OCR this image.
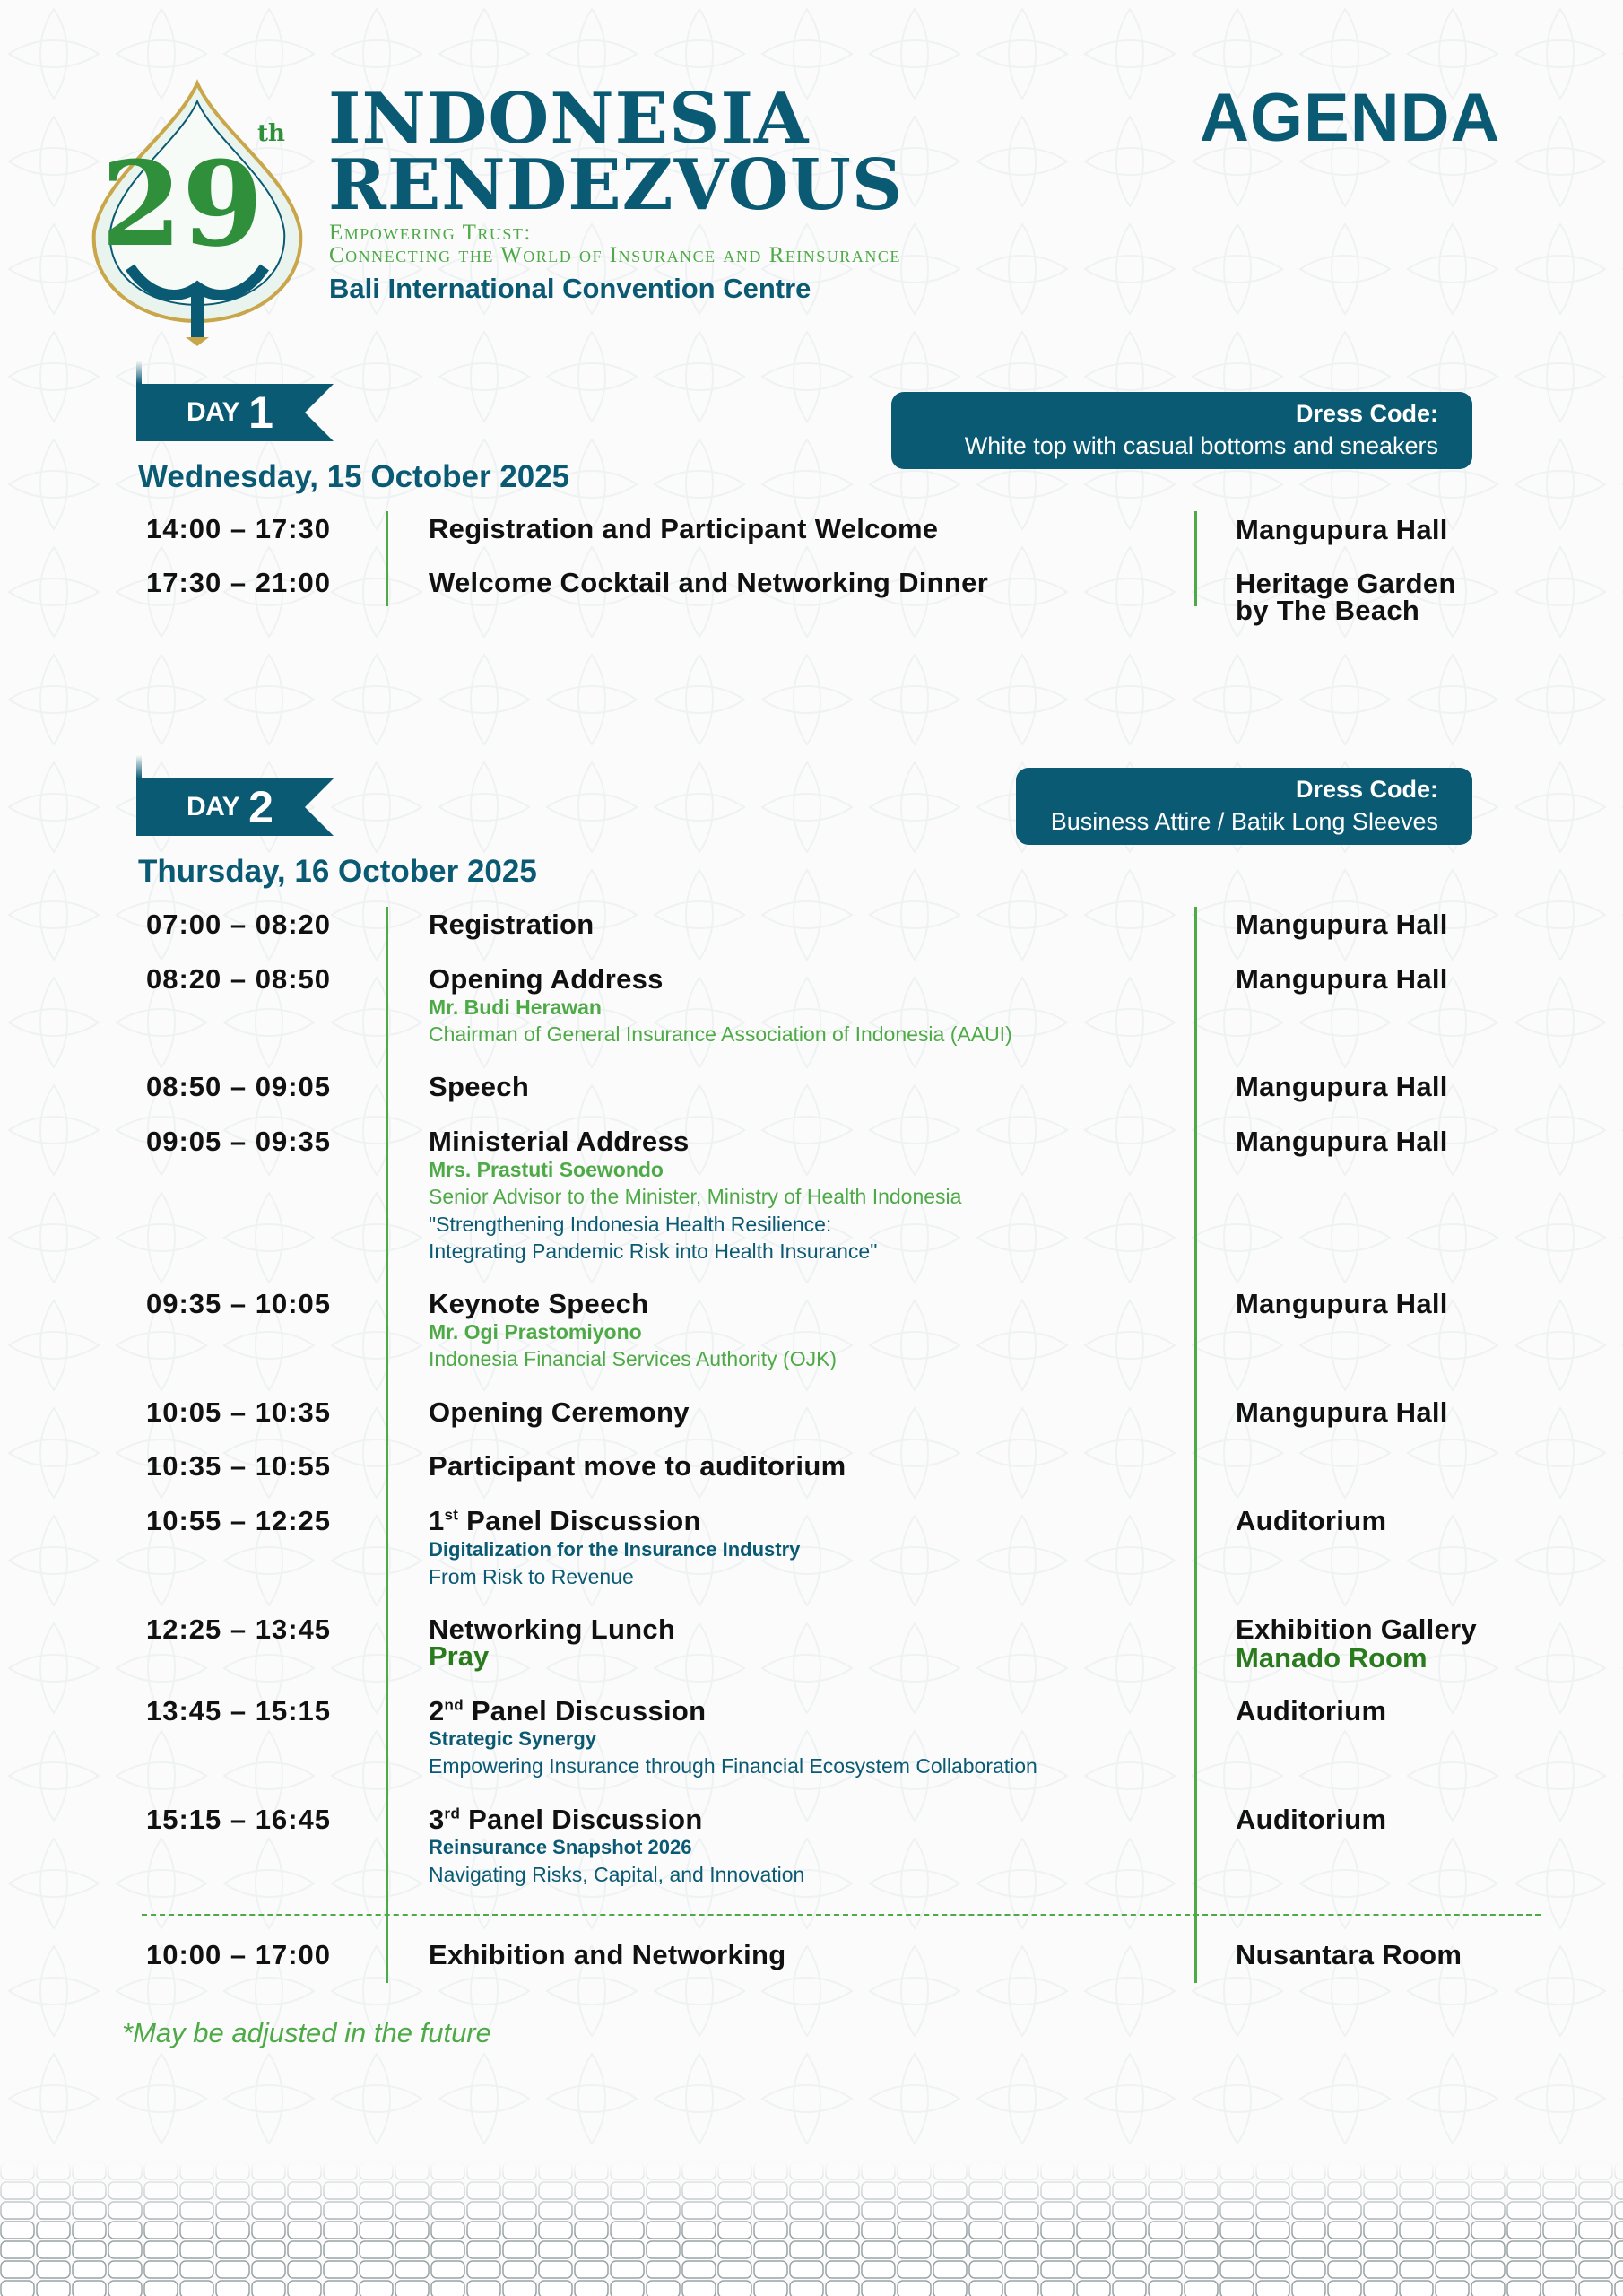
29
th INDONESIA
RENDEZVOUS
Empowering Trust:
Connecting the World of Insurance and Reinsurance
Bali International Convention Centre
AGENDA
DAY 1	Dress Code:
White top with casual bottoms and sneakers
Wednesday, 15 October 2025
14:00 – 17:30	Registration and Participant Welcome	Mangupura Hall
17:30 – 21:00	Welcome Cocktail and Networking Dinner	Heritage Garden
by The Beach
DAY 2	Dress Code:
Business Attire / Batik Long Sleeves
Thursday, 16 October 2025
07:00 – 08:20	Registration	Mangupura Hall
08:20 – 08:50	Opening Address
Mr. Budi Herawan
Chairman of General Insurance Association of Indonesia (AAUI)
Mangupura Hall
08:50 – 09:05	Speech	Mangupura Hall
09:05 – 09:35	Ministerial Address
Mrs. Prastuti Soewondo
Senior Advisor to the Minister, Ministry of Health Indonesia
"Strengthening Indonesia Health Resilience:
Integrating Pandemic Risk into Health Insurance"
Mangupura Hall
09:35 – 10:05	Keynote Speech
Mr. Ogi Prastomiyono
Indonesia Financial Services Authority (OJK)
Mangupura Hall
10:05 – 10:35	Opening Ceremony	Mangupura Hall
10:35 – 10:55	Participant move to auditorium
10:55 – 12:25	1st Panel Discussion
Digitalization for the Insurance Industry
From Risk to Revenue
Auditorium
12:25 – 13:45	Networking Lunch
Pray
Exhibition Gallery
Manado Room
13:45 – 15:15	2nd Panel Discussion
Strategic Synergy
Empowering Insurance through Financial Ecosystem Collaboration
Auditorium
15:15 – 16:45	3rd Panel Discussion
Reinsurance Snapshot 2026
Navigating Risks, Capital, and Innovation
Auditorium
10:00 – 17:00	Exhibition and Networking	Nusantara Room
*May be adjusted in the future
